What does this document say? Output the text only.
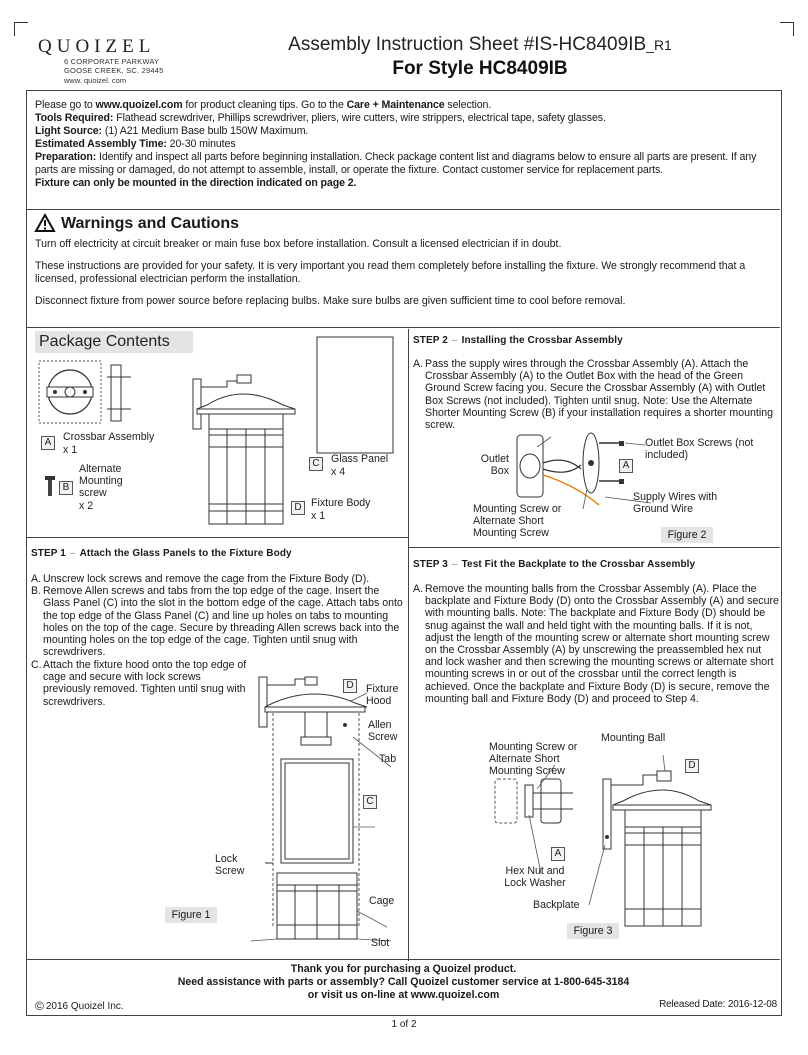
QUOIZEL
6 CORPORATE PARKWAY
GOOSE CREEK, SC. 29445
www. quoizel. com
Assembly Instruction Sheet #IS-HC8409IB_R1
For Style HC8409IB

Please go to www.quoizel.com for product cleaning tips. Go to the Care + Maintenance selection.

Tools Required: Flathead screwdriver, Phillips screwdriver, pliers, wire cutters, wire strippers, electrical tape, safety glasses.

Light Source: (1) A21 Medium Base bulb 150W Maximum.

Estimated Assembly Time: 20-30 minutes

Preparation: Identify and inspect all parts before beginning installation. Check package content list and diagrams below to ensure all parts are present. If any parts are missing or damaged, do not attempt to assemble, install, or operate the fixture. Contact customer service for replacement parts.

Fixture can only be mounted in the direction indicated on page 2.

Warnings and Cautions

Turn off electricity at circuit breaker or main fuse box before installation. Consult a licensed electrician if in doubt.

These instructions are provided for your safety. It is very important you read them completely before installing the fixture. We strongly recommend that a licensed, professional electrician perform the installation.

Disconnect fixture from power source before replacing bulbs. Make sure bulbs are given sufficient time to cool before removal.

Package Contents
A	Crossbar Assembly
x 1
B
Alternate Mounting screw
x 2
C	Glass Panel
x 4
D Fixture Body
x 1
STEP 1 – Attach the Glass Panels to the Fixture Body
A. Unscrew lock screws and remove the cage from the Fixture Body (D).
B. Remove Allen screws and tabs from the top edge of the cage. Insert the Glass Panel (C) into the slot in the bottom edge of the cage. Attach tabs onto the top edge of the Glass Panel (C) and line up holes on tabs to mounting holes on the top of the cage. Secure by threading Allen screws back into the mounting holes on the top edge of the cage. Tighten until snug with screwdrivers.
C. Attach the fixture hood onto the top edge of cage and secure with lock screws previously removed. Tighten until snug with screwdrivers.
D	Fixture Hood
Allen Screw
Tab
C
Lock Screw
Cage
Slot
Figure 1
STEP 2 – Installing the Crossbar Assembly
A. Pass the supply wires through the Crossbar Assembly (A). Attach the Crossbar Assembly (A) to the Outlet Box with the head of the Green Ground Screw facing you. Secure the Crossbar Assembly (A) with Outlet Box Screws (not included). Tighten until snug. Note: Use the Alternate Shorter Mounting Screw (B) if your installation requires a shorter mounting screw.
Outlet Box
Outlet Box Screws (not included)
A
Mounting Screw or Alternate Short Mounting Screw
Supply Wires with Ground Wire
Figure 2
STEP 3 – Test Fit the Backplate to the Crossbar Assembly
A. Remove the mounting balls from the Crossbar Assembly (A). Place the backplate and Fixture Body (D) onto the Crossbar Assembly (A) and secure with mounting balls. Note: The backplate and Fixture Body (D) should be snug against the wall and held tight with the mounting balls. If it is not, adjust the length of the mounting screw or alternate short mounting screw on the Crossbar Assembly (A) by unscrewing the preassembled hex nut and lock washer and then screwing the mounting screws or alternate short mounting screws in or out of the crossbar until the correct length is achieved. Once the backplate and Fixture Body (D) is secure, remove the mounting ball and Fixture Body (D) and proceed to Step 4.
Mounting Screw or Alternate Short Mounting Screw
Mounting Ball
D
A
Hex Nut and Lock Washer
Backplate
Figure 3
Thank you for purchasing a Quoizel product.
Need assistance with parts or assembly? Call Quoizel customer service at 1-800-645-3184
or visit us on-line at www.quoizel.com
© 2016 Quoizel Inc.	Released Date: 2016-12-08
1 of 2
